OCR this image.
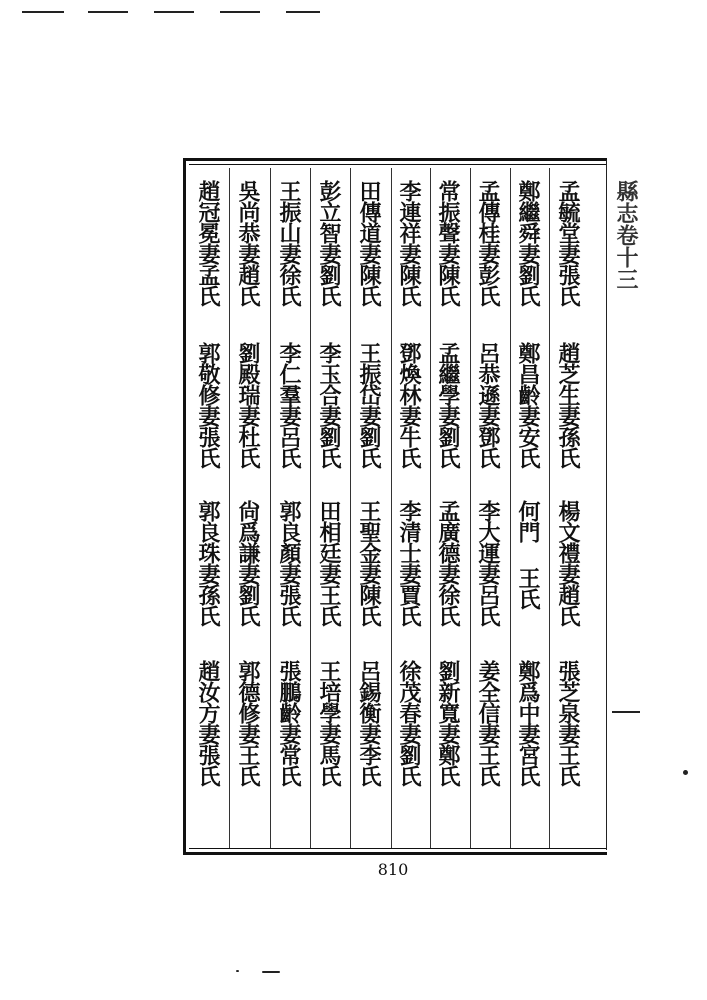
縣志卷十三
孟毓堂妻張氏
趙芝生妻孫氏
楊文禮妻趙氏
張芝泉妻王氏
鄭繼舜妻劉氏
鄭昌齡妻安氏
何門 王氏
鄭爲中妻宮氏
孟傳桂妻彭氏
呂恭遜妻鄧氏
李大運妻呂氏
姜全信妻王氏
常振聲妻陳氏
孟繼學妻劉氏
孟廣德妻徐氏
劉新寬妻鄭氏
李連祥妻陳氏
鄧煥林妻牛氏
李清士妻賈氏
徐茂春妻劉氏
田傳道妻陳氏
王振岱妻劉氏
王聖金妻陳氏
呂錫衡妻李氏
彭立智妻劉氏
李玉合妻劉氏
田相廷妻王氏
王培學妻馬氏
王振山妻徐氏
李仁羣妻呂氏
郭良顏妻張氏
張鵬齡妻常氏
吳尚恭妻趙氏
劉殿瑞妻杜氏
尙爲謙妻劉氏
郭德修妻王氏
趙冠冕妻孟氏
郭敬修妻張氏
郭良珠妻孫氏
趙汝方妻張氏
810
